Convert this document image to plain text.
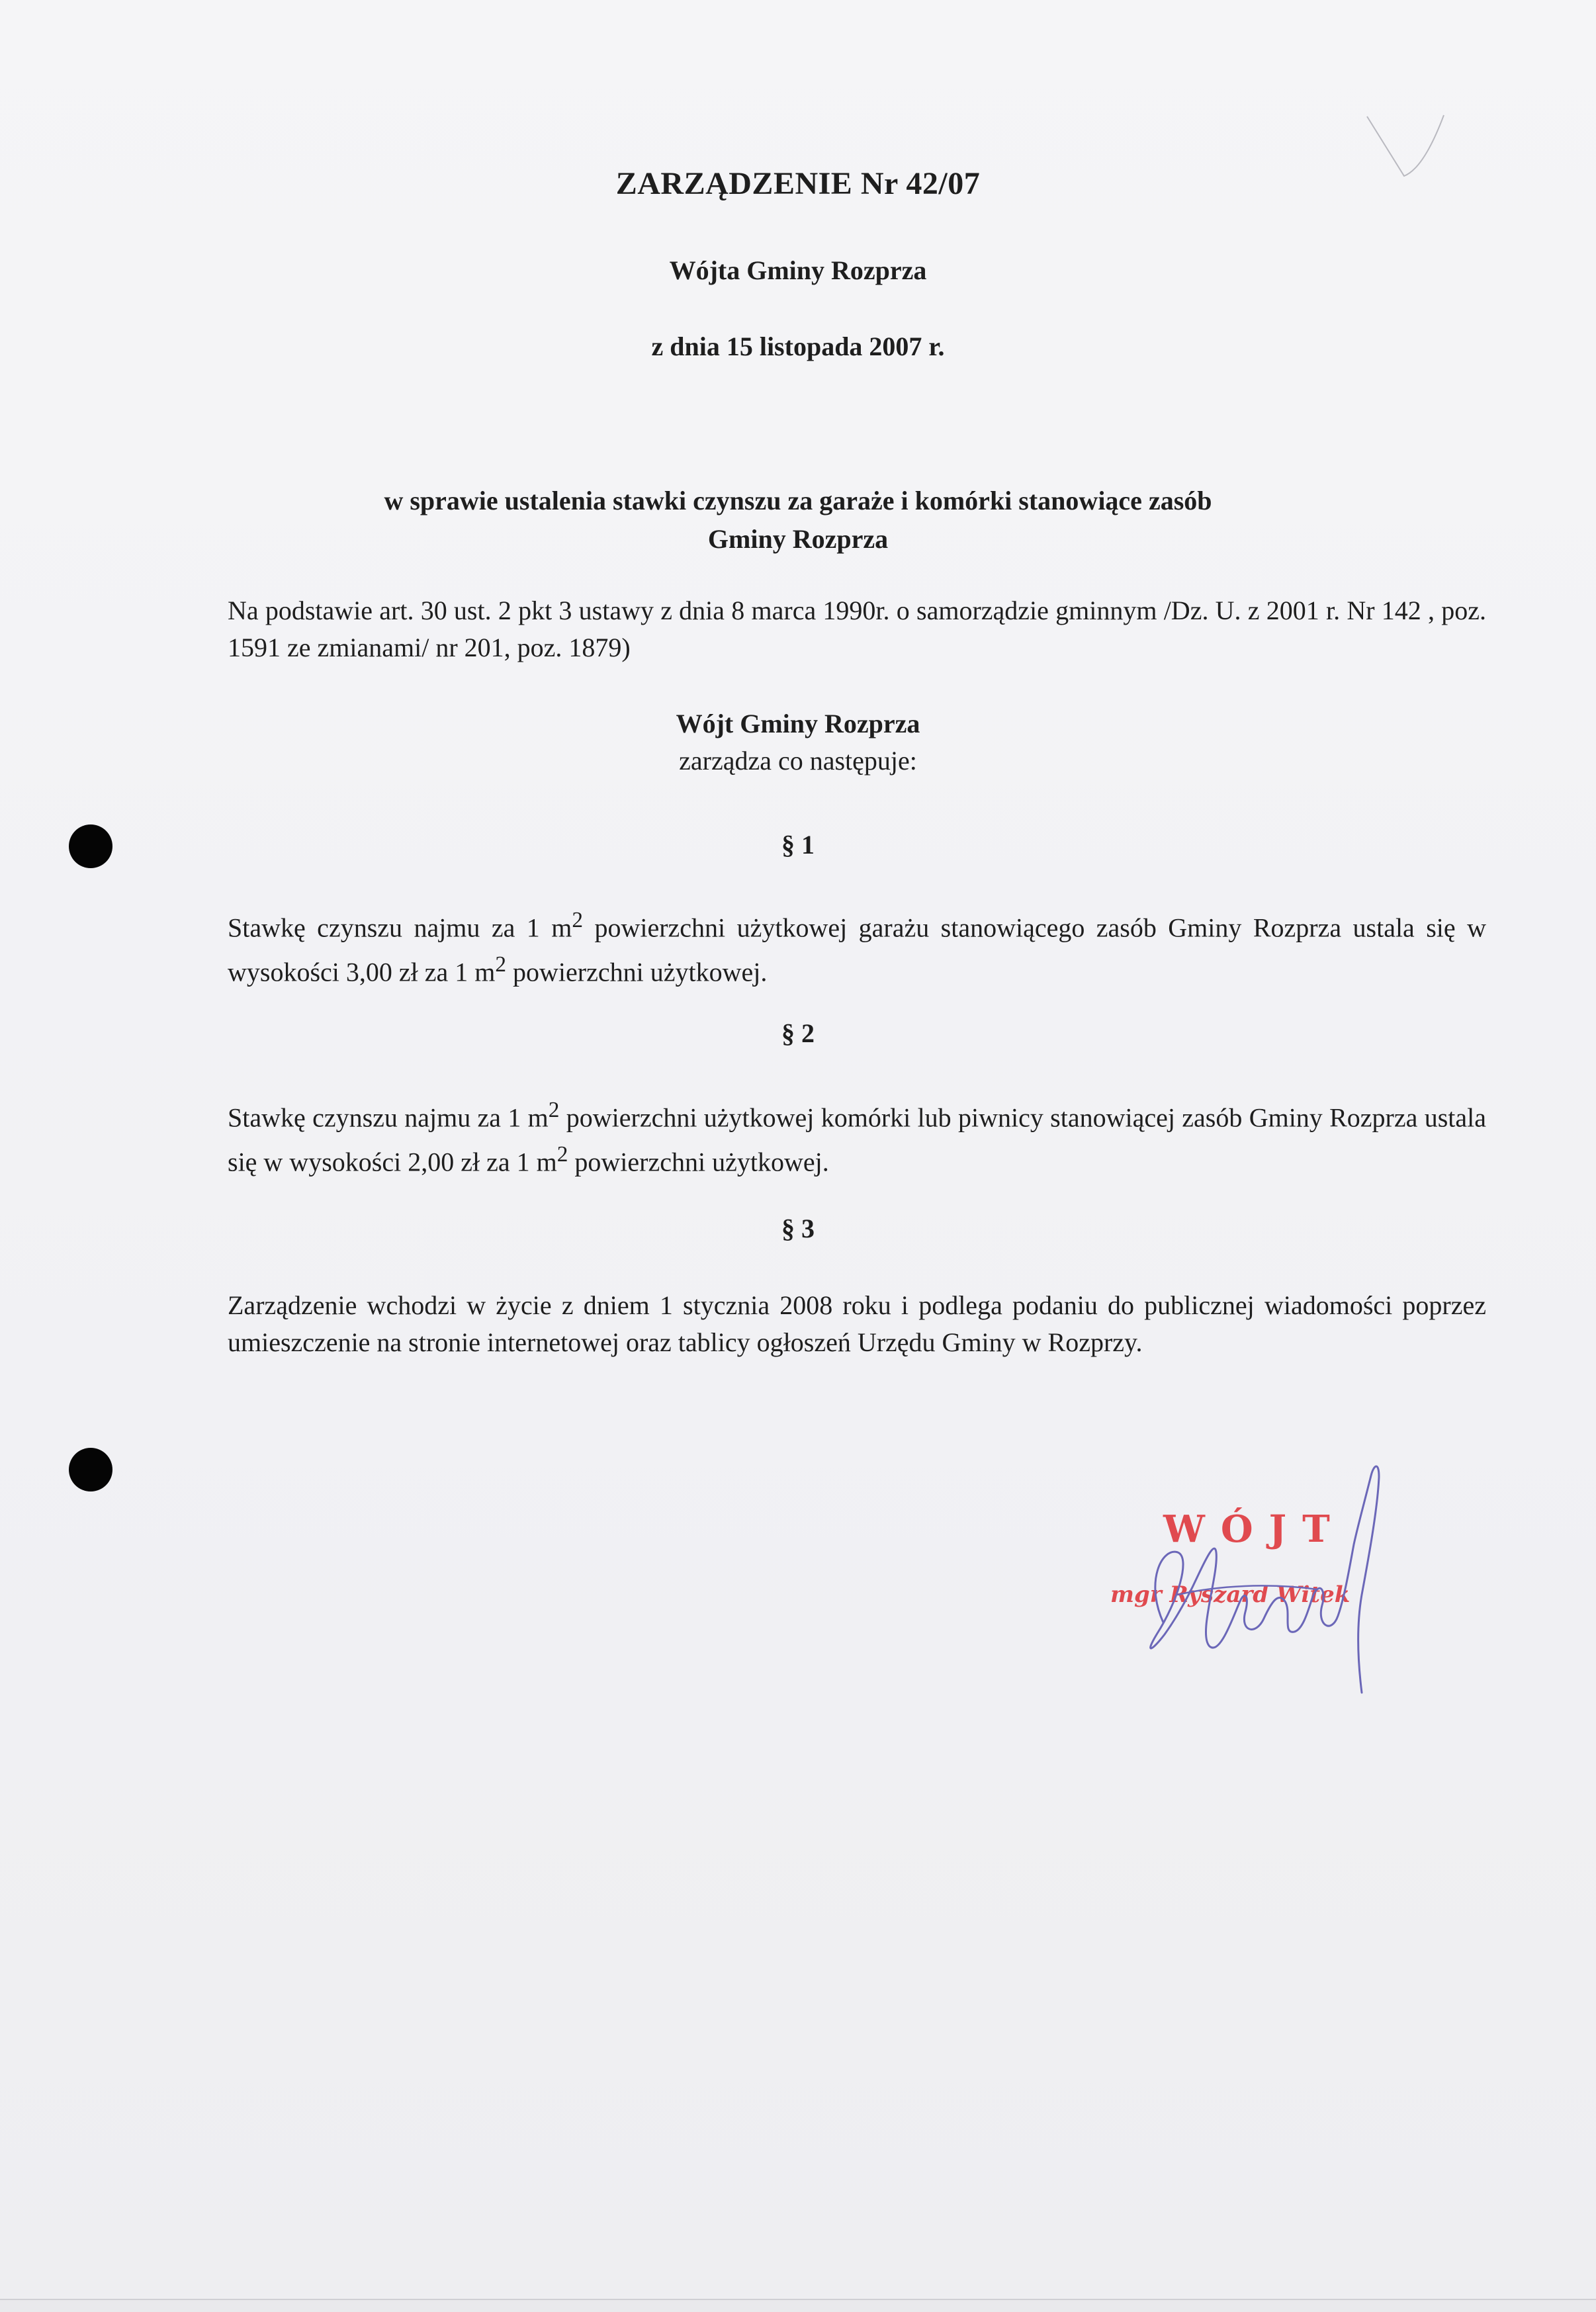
ZARZĄDZENIE Nr 42/07
Wójta Gminy Rozprza
z dnia 15 listopada 2007 r.
w sprawie ustalenia stawki czynszu za garaże i komórki stanowiące zasób
Gminy Rozprza
Na podstawie art. 30 ust. 2 pkt 3 ustawy z dnia 8 marca 1990r. o samorządzie gminnym /Dz. U. z 2001 r. Nr 142 , poz. 1591 ze zmianami/ nr 201, poz. 1879)
Wójt Gminy Rozprza
zarządza co następuje:
§ 1
Stawkę czynszu najmu za 1 $m^2$ powierzchni użytkowej garażu stanowiącego zasób Gminy Rozprza ustala się w wysokości 3,00 zł za 1 $m^2$ powierzchni użytkowej.
§ 2
Stawkę czynszu najmu za 1 $m^2$ powierzchni użytkowej komórki lub piwnicy stanowiącej zasób Gminy Rozprza ustala się w wysokości 2,00 zł za 1 $m^2$ powierzchni użytkowej.
§ 3
Zarządzenie wchodzi w życie z dniem 1 stycznia 2008 roku i podlega podaniu do publicznej wiadomości poprzez umieszczenie na stronie internetowej oraz tablicy ogłoszeń Urzędu Gminy w Rozprzy.
WÓJT
mgr Ryszard Witek
